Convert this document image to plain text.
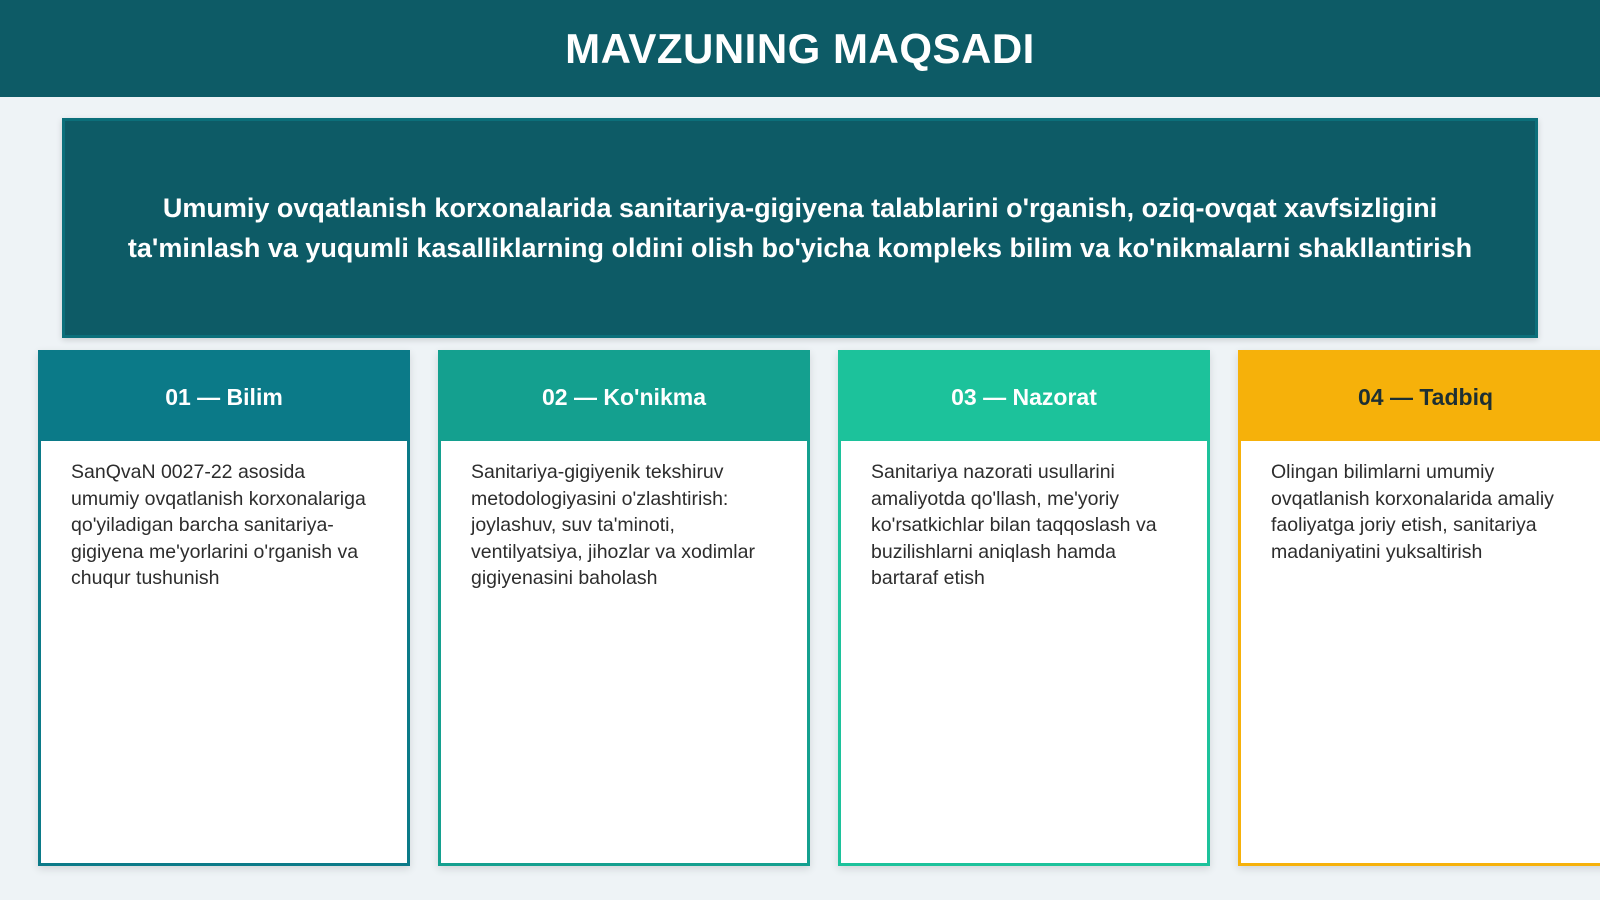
MAVZUNING MAQSADI

Umumiy ovqatlanish korxonalarida sanitariya-gigiyena talablarini o'rganish, oziq-ovqat xavfsizligini ta'minlash va yuqumli kasalliklarning oldini olish bo'yicha kompleks bilim va ko'nikmalarni shakllantirish

01 — Bilim
SanQvaN 0027-22 asosida umumiy ovqatlanish korxonalariga qo'yiladigan barcha sanitariya-gigiyena me'yorlarini o'rganish va chuqur tushunish
02 — Ko'nikma
Sanitariya-gigiyenik tekshiruv metodologiyasini o'zlashtirish: joylashuv, suv ta'minoti, ventilyatsiya, jihozlar va xodimlar gigiyenasini baholash
03 — Nazorat
Sanitariya nazorati usullarini amaliyotda qo'llash, me'yoriy ko'rsatkichlar bilan taqqoslash va buzilishlarni aniqlash hamda bartaraf etish
04 — Tadbiq
Olingan bilimlarni umumiy ovqatlanish korxonalarida amaliy faoliyatga joriy etish, sanitariya madaniyatini yuksaltirish
